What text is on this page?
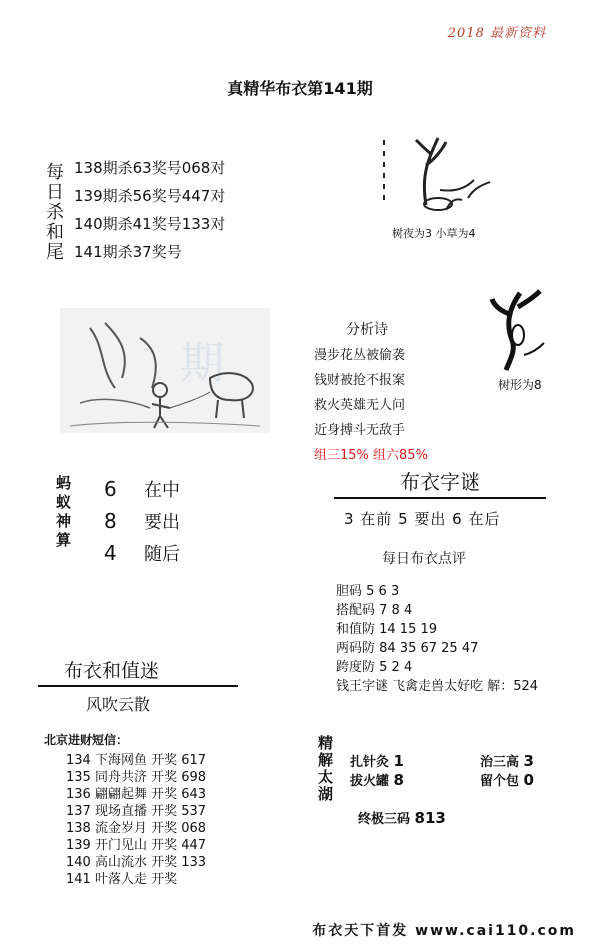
2018 最新资料
真精华布衣第141期
每日杀和尾 138期杀63奖号068对
139期杀56奖号447对
140期杀41奖号133对
141期杀37奖号
树夜为3 小草为4
树形为8
期
分析诗
漫步花丛被偷袭
钱财被抢不报案
救火英雄无人问
近身搏斗无敌手
组三15% 组六85%
蚂蚁神算 6 在中
8 要出
4 随后
布衣字谜
3 在前 5 要出 6 在后
每日布衣点评
胆码 5 6 3
搭配码 7 8 4
和值防 14 15 19
两码防 84 35 67 25 47
跨度防 5 2 4
钱王字谜 飞禽走兽太好吃 解：524
布衣和值迷
风吹云散
北京进财短信：
134 下海网鱼 开奖 617
135 同舟共济 开奖 698
136 翩翩起舞 开奖 643
137 现场直播 开奖 537
138 流金岁月 开奖 068
139 开门见山 开奖 447
140 高山流水 开奖 133
141 叶落人走 开奖
精解太湖 扎针灸 1	治三高 3
拔火罐 8	留个包 0
终极三码 813
布衣天下首发 www.cai110.com
